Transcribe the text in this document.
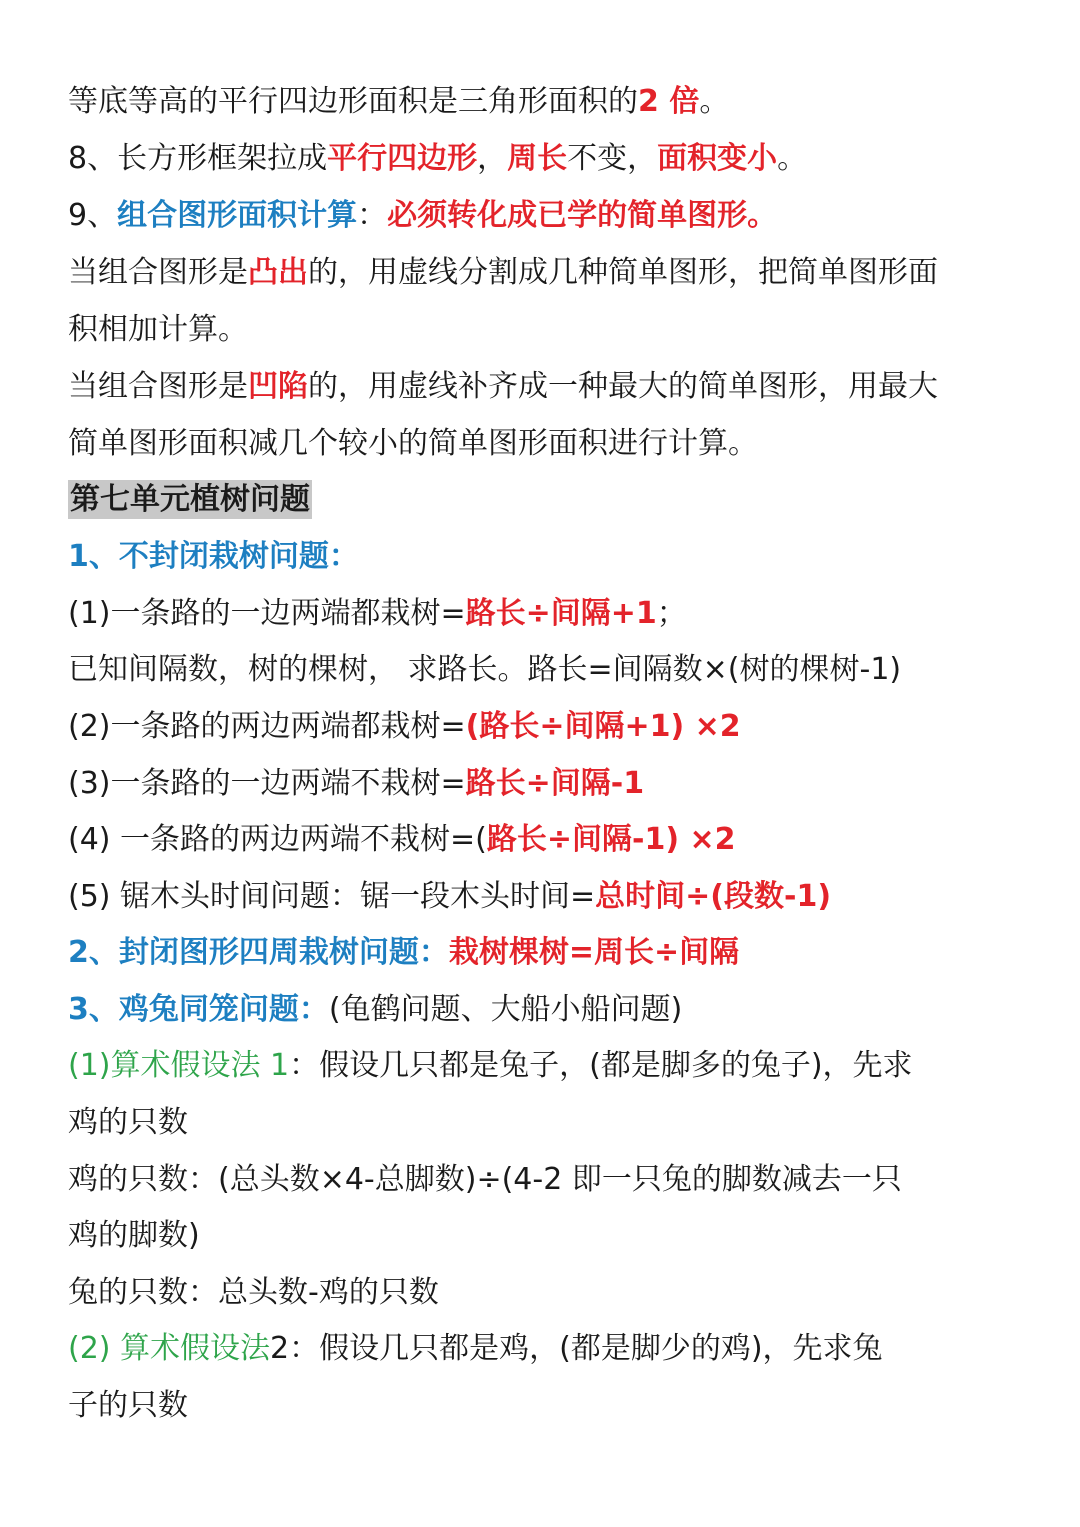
等底等高的平行四边形面积是三角形面积的2 倍。
8、长方形框架拉成平行四边形，周长不变，面积变小。
9、组合图形面积计算：必须转化成已学的简单图形。
当组合图形是凸出的，用虚线分割成几种简单图形，把简单图形面
积相加计算。
当组合图形是凹陷的，用虚线补齐成一种最大的简单图形，用最大
简单图形面积减几个较小的简单图形面积进行计算。
第七单元植树问题
1、不封闭栽树问题：
(1)一条路的一边两端都栽树=路长÷间隔+1；
已知间隔数，树的棵树， 求路长。路长=间隔数×(树的棵树-1)
(2)一条路的两边两端都栽树=(路长÷间隔+1) ×2
(3)一条路的一边两端不栽树=路长÷间隔-1
(4) 一条路的两边两端不栽树=(路长÷间隔-1) ×2
(5) 锯木头时间问题：锯一段木头时间=总时间÷(段数-1)
2、封闭图形四周栽树问题：栽树棵树=周长÷间隔
3、鸡兔同笼问题：(龟鹤问题、大船小船问题)
(1)算术假设法 1：假设几只都是兔子，(都是脚多的兔子)，先求
鸡的只数
鸡的只数：(总头数×4-总脚数)÷(4-2 即一只兔的脚数减去一只
鸡的脚数)
兔的只数：总头数-鸡的只数
(2) 算术假设法2：假设几只都是鸡，(都是脚少的鸡)，先求兔
子的只数
